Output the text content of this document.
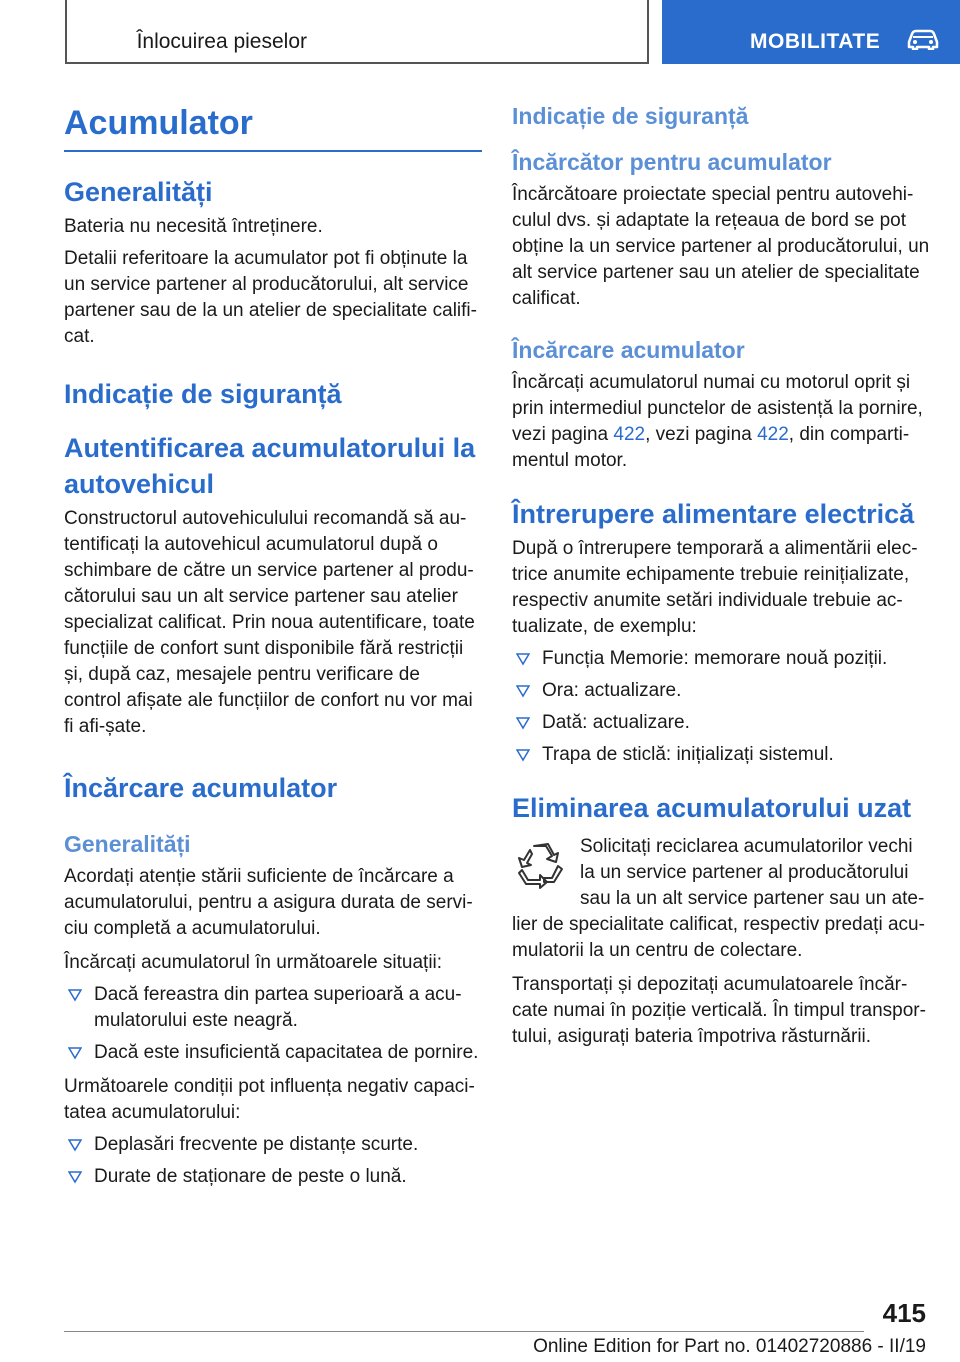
Înlocuirea pieselor	MOBILITATE
Acumulator
Generalități

Bateria nu necesită întreținere.

Detalii referitoare la acumulator pot fi obținute la un service partener al producătorului, alt service partener sau de la un atelier de specialitate califi-cat.

Indicație de siguranță
Autentificarea acumulatorului la autovehicul

Constructorul autovehiculului recomandă să au-tentificați la autovehicul acumulatorul după o schimbare de către un service partener al produ-cătorului sau un alt service partener sau atelier specializat calificat. Prin noua autentificare, toate funcțiile de confort sunt disponibile fără restricții și, după caz, mesajele pentru verificare de control afișate ale funcțiilor de confort nu vor mai fi afi-șate.

Încărcare acumulator
Generalități

Acordați atenție stării suficiente de încărcare a acumulatorului, pentru a asigura durata de servi-ciu completă a acumulatorului.

Încărcați acumulatorul în următoarele situații:

Dacă fereastra din partea superioară a acu-mulatorului este neagră.
Dacă este insuficientă capacitatea de pornire.

Următoarele condiții pot influența negativ capaci-tatea acumulatorului:

Deplasări frecvente pe distanțe scurte.
Durate de staționare de peste o lună.
Indicație de siguranță
Încărcător pentru acumulator

Încărcătoare proiectate special pentru autovehi-culul dvs. și adaptate la rețeaua de bord se pot obține la un service partener al producătorului, un alt service partener sau un atelier de specialitate calificat.

Încărcare acumulator

Încărcați acumulatorul numai cu motorul oprit și prin intermediul punctelor de asistență la pornire, vezi pagina 422, vezi pagina 422, din comparti-mentul motor.

Întrerupere alimentare electrică

După o întrerupere temporară a alimentării elec-trice anumite echipamente trebuie reinițializate, respectiv anumite setări individuale trebuie ac-tualizate, de exemplu:

Funcția Memorie: memorare nouă poziții.
Ora: actualizare.
Dată: actualizare.
Trapa de sticlă: inițializați sistemul.
Eliminarea acumulatorului uzat

Solicitați reciclarea acumulatorilor vechi la un service partener al producătorului sau la un alt service partener sau un ate-

lier de specialitate calificat, respectiv predați acu-mulatorii la un centru de colectare.

Transportați și depozitați acumulatoarele încăr-cate numai în poziție verticală. În timpul transpor-tului, asigurați bateria împotriva răsturnării.

415
Online Edition for Part no. 01402720886 - II/19
